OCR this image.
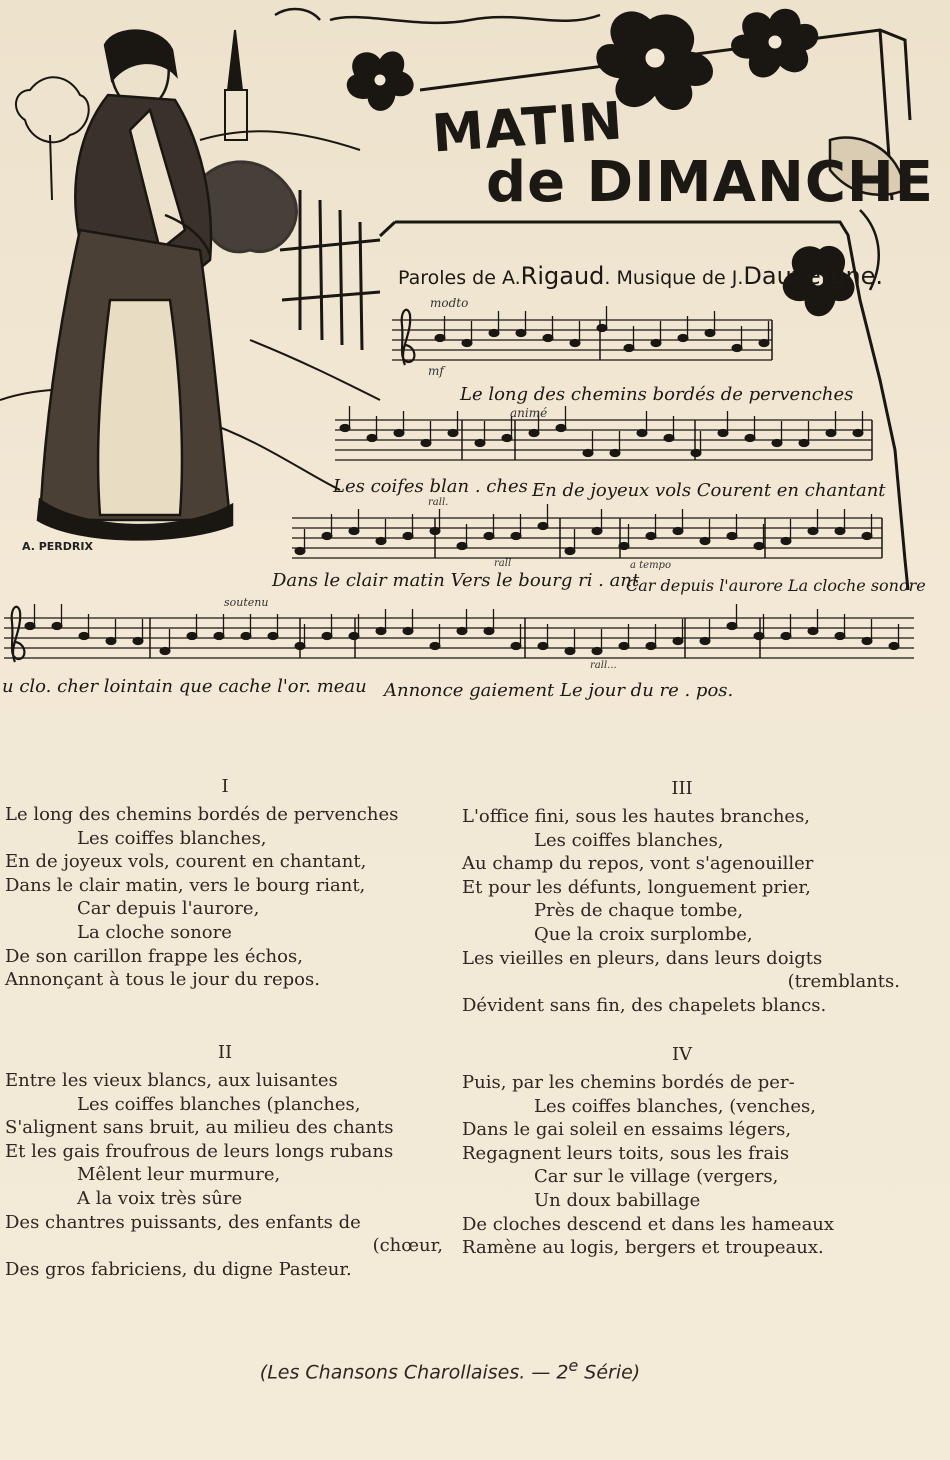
MATIN
de DIMANCHE
Paroles de A.Rigaud. Musique de J.Dauvergne.
modto
mf
animé
rall.
rall	a tempo
soutenu
rall...
Le long des chemins bordés de pervenches
Les coifes blan . ches En de joyeux vols Courent en chantant
Dans le clair matin Vers le bourg ri . ant
Car depuis l'aurore La cloche sonore
u clo. cher lointain que cache l'or. meau Annonce gaiement Le jour du re . pos.
A. PERDRIX
I
Le long des chemins bordés de pervenches
Les coiffes blanches,
En de joyeux vols, courent en chantant,
Dans le clair matin, vers le bourg riant,
Car depuis l'aurore,
La cloche sonore
De son carillon frappe les échos,
Annonçant à tous le jour du repos.
III
L'office fini, sous les hautes branches,
Les coiffes blanches,
Au champ du repos, vont s'agenouiller
Et pour les défunts, longuement prier,
Près de chaque tombe,
Que la croix surplombe,
Les vieilles en pleurs, dans leurs doigts
(tremblants.
Dévident sans fin, des chapelets blancs.
II
Entre les vieux blancs, aux luisantes
Les coiffes blanches (planches,
S'alignent sans bruit, au milieu des chants
Et les gais froufrous de leurs longs rubans
Mêlent leur murmure,
A la voix très sûre
Des chantres puissants, des enfants de
(chœur,
Des gros fabriciens, du digne Pasteur.
IV
Puis, par les chemins bordés de per-
Les coiffes blanches, (venches,
Dans le gai soleil en essaims légers,
Regagnent leurs toits, sous les frais
Car sur le village (vergers,
Un doux babillage
De cloches descend et dans les hameaux
Ramène au logis, bergers et troupeaux.
(Les Chansons Charollaises. — 2e Série)
